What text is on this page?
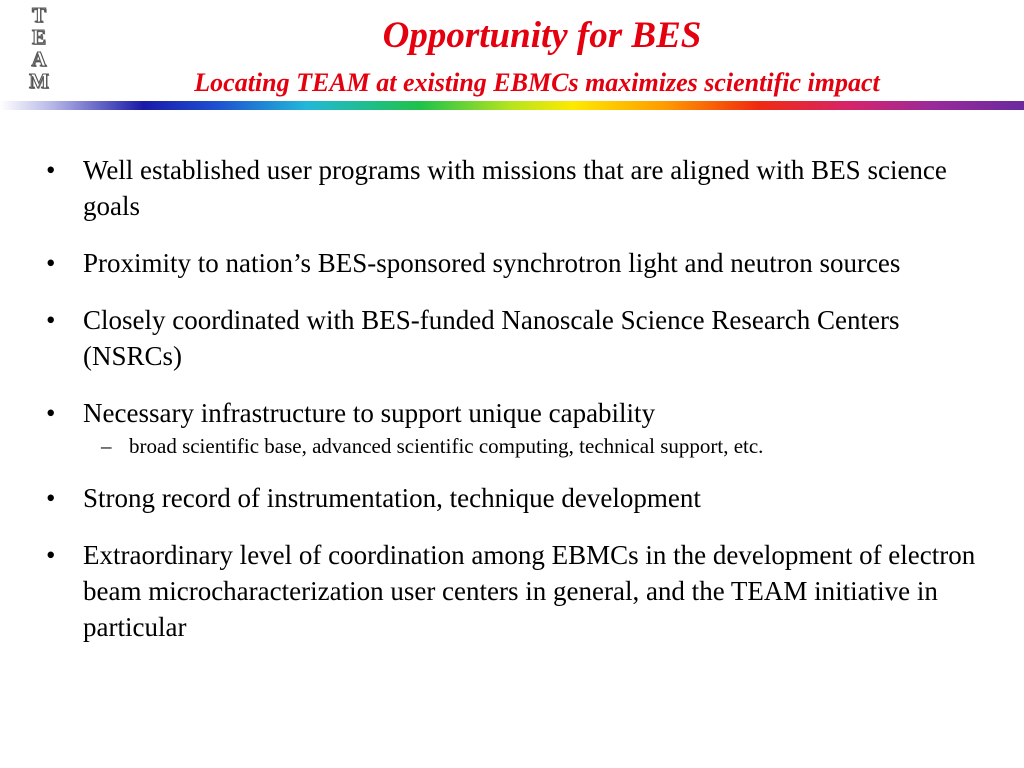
T
E
A
M
Opportunity for BES
Locating TEAM at existing EBMCs maximizes scientific impact
• Well established user programs with missions that are aligned with BES science goals
• Proximity to nation’s BES-sponsored synchrotron light and neutron sources
• Closely coordinated with BES-funded Nanoscale Science Research Centers (NSRCs)
• Necessary infrastructure to support unique capability
– broad scientific base, advanced scientific computing, technical support, etc.
• Strong record of instrumentation, technique development
• Extraordinary level of coordination among EBMCs in the development of electron beam microcharacterization user centers in general, and the TEAM initiative in particular
